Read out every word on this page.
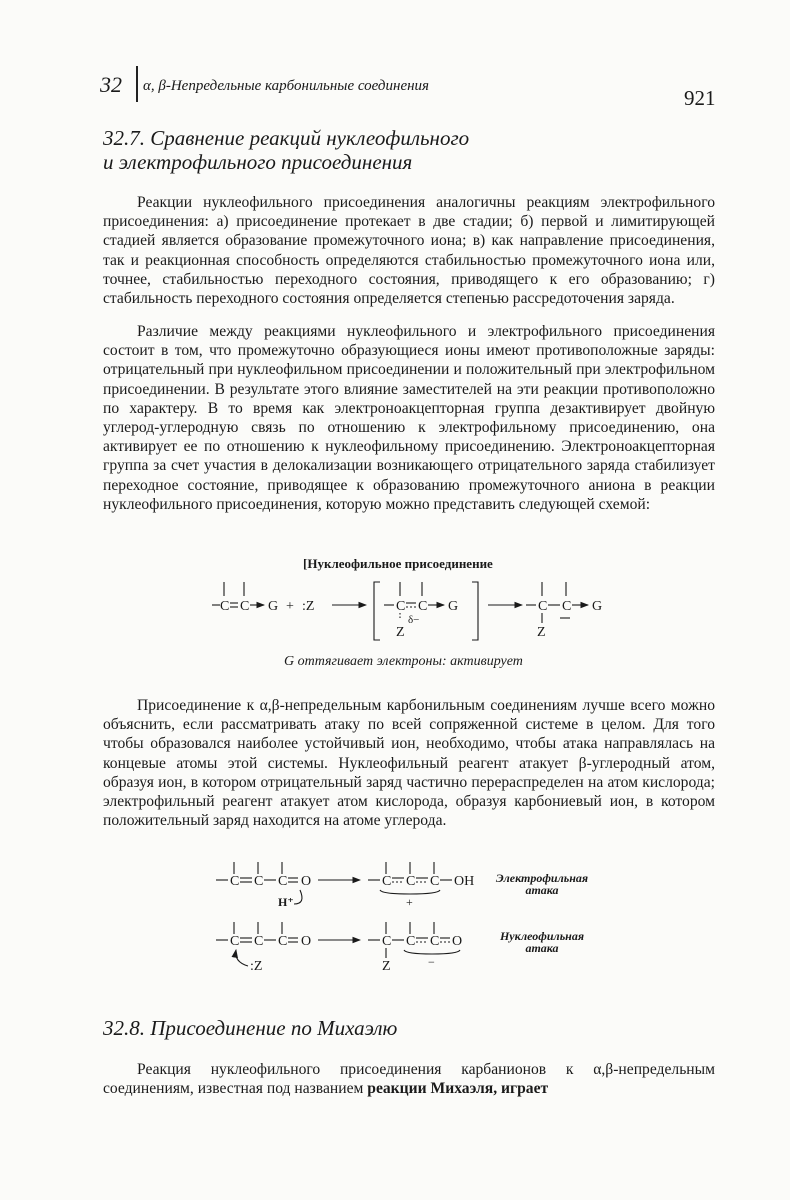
32 α, β-Непредельные карбонильные соединения	921
32.7. Сравнение реакций нуклеофильного
и электрофильного присоединения

Реакции нуклеофильного присоединения аналогичны реакциям электрофильного присоединения: а) присоединение протекает в две стадии; б) первой и лимитирующей стадией является образование промежуточного иона; в) как направление присоединения, так и реакционная способность определяются стабильностью промежуточного иона или, точнее, стабильностью переходного состояния, приводящего к его образованию; г) стабильность переходного состояния определяется степенью рассредоточения заряда.

Различие между реакциями нуклеофильного и электрофильного присоединения состоит в том, что промежуточно образующиеся ионы имеют противоположные заряды: отрицательный при нуклеофильном присоединении и положительный при электрофильном присоединении. В результате этого влияние заместителей на эти реакции противоположно по характеру. В то время как электроноакцепторная группа дезактивирует двойную углерод-углеродную связь по отношению к электрофильному присоединению, она активирует ее по отношению к нуклеофильному присоединению. Электроноакцепторная группа за счет участия в делокализации возникающего отрицательного заряда стабилизует переходное состояние, приводящее к образованию промежуточного аниона в реакции нуклеофильного присоединения, которую можно представить следующей схемой:

[Нуклеофильное присоединение
C C G + :Z	C C G
Z
δ−
C C G
Z
G оттягивает электроны: активирует

Присоединение к α,β-непредельным карбонильным соединениям лучше всего можно объяснить, если рассматривать атаку по всей сопряженной системе в целом. Для того чтобы образовался наиболее устойчивый ион, необходимо, чтобы атака направлялась на концевые атомы этой системы. Нуклеофильный реагент атакует β-углеродный атом, образуя ион, в котором отрицательный заряд частично перераспределен на атом кислорода; электрофильный реагент атакует атом кислорода, образуя карбониевый ион, в котором положительный заряд находится на атоме углерода.

C C C O
H⁺
C C C OH
+
C C C O
:Z
C C C O
Z	−
Электрофильная
атака
Нуклеофильная
атака
32.8. Присоединение по Михаэлю

Реакция нуклеофильного присоединения карбанионов к α,β-непредельным соединениям, известная под названием реакции Михаэля, играет
